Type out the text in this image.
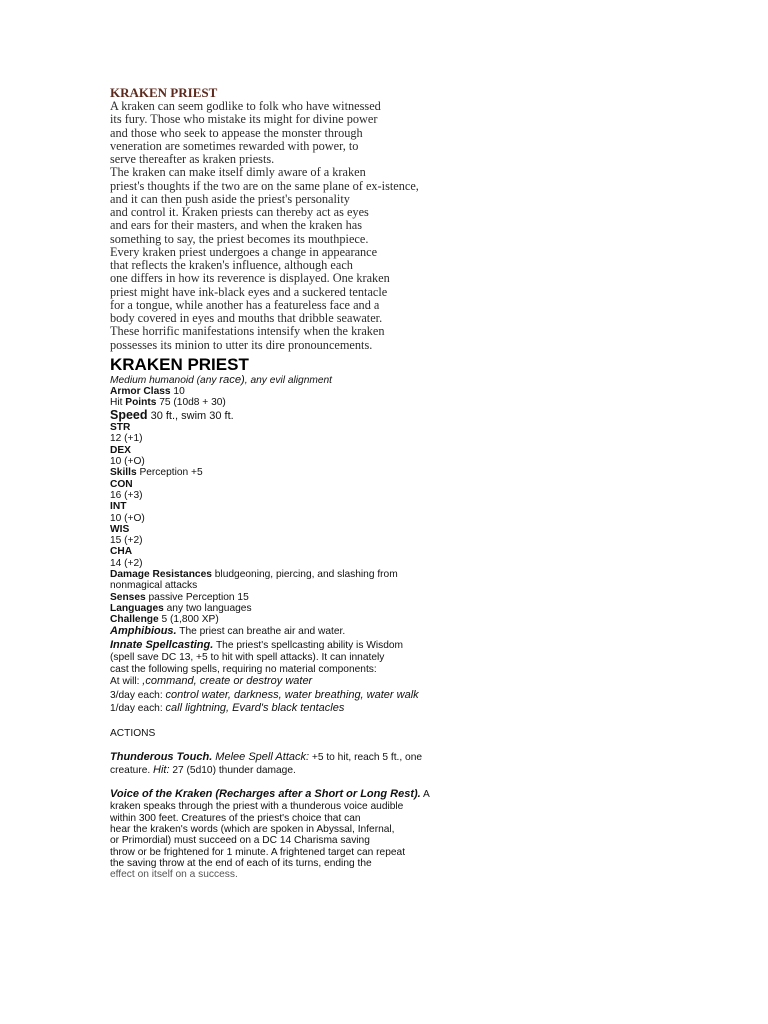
KRAKEN PRIEST

A kraken can seem godlike to folk who have witnessed

its fury. Those who mistake its might for divine power

and those who seek to appease the monster through

veneration are sometimes rewarded with power, to

serve thereafter as kraken priests.

The kraken can make itself dimly aware of a kraken

priest's thoughts if the two are on the same plane of ex-istence,

and it can then push aside the priest's personality

and control it. Kraken priests can thereby act as eyes

and ears for their masters, and when the kraken has

something to say, the priest becomes its mouthpiece.

Every kraken priest undergoes a change in appearance

that reflects the kraken's influence, although each

one differs in how its reverence is displayed. One kraken

priest might have ink-black eyes and a suckered tentacle

for a tongue, while another has a featureless face and a

body covered in eyes and mouths that dribble seawater.

These horrific manifestations intensify when the kraken

possesses its minion to utter its dire pronouncements.

KRAKEN PRIEST

Medium humanoid (any race), any evil alignment

Armor Class 10

Hit Points 75 (10d8 + 30)

Speed 30 ft., swim 30 ft.

STR

12 (+1)

DEX

10 (+O)

Skills Perception +5

CON

16 (+3)

INT

10 (+O)

WIS

15 (+2)

CHA

14 (+2)

Damage Resistances bludgeoning, piercing, and slashing from

nonmagical attacks

Senses passive Perception 15

Languages any two languages

Challenge 5 (1,800 XP)

Amphibious. The priest can breathe air and water.

Innate Spellcasting. The priest's spellcasting ability is Wisdom

(spell save DC 13, +5 to hit with spell attacks). It can innately

cast the following spells, requiring no material components:

At will: ,command, create or destroy water

3/day each: control water, darkness, water breathing, water walk

1/day each: call lightning, Evard's black tentacles

ACTIONS

Thunderous Touch. Melee Spell Attack: +5 to hit, reach 5 ft., one

creature. Hit: 27 (5d10) thunder damage.

Voice of the Kraken (Recharges after a Short or Long Rest). A

kraken speaks through the priest with a thunderous voice audible

within 300 feet. Creatures of the priest's choice that can

hear the kraken's words (which are spoken in Abyssal, Infernal,

or Primordial) must succeed on a DC 14 Charisma saving

throw or be frightened for 1 minute. A frightened target can repeat

the saving throw at the end of each of its turns, ending the

effect on itself on a success.
